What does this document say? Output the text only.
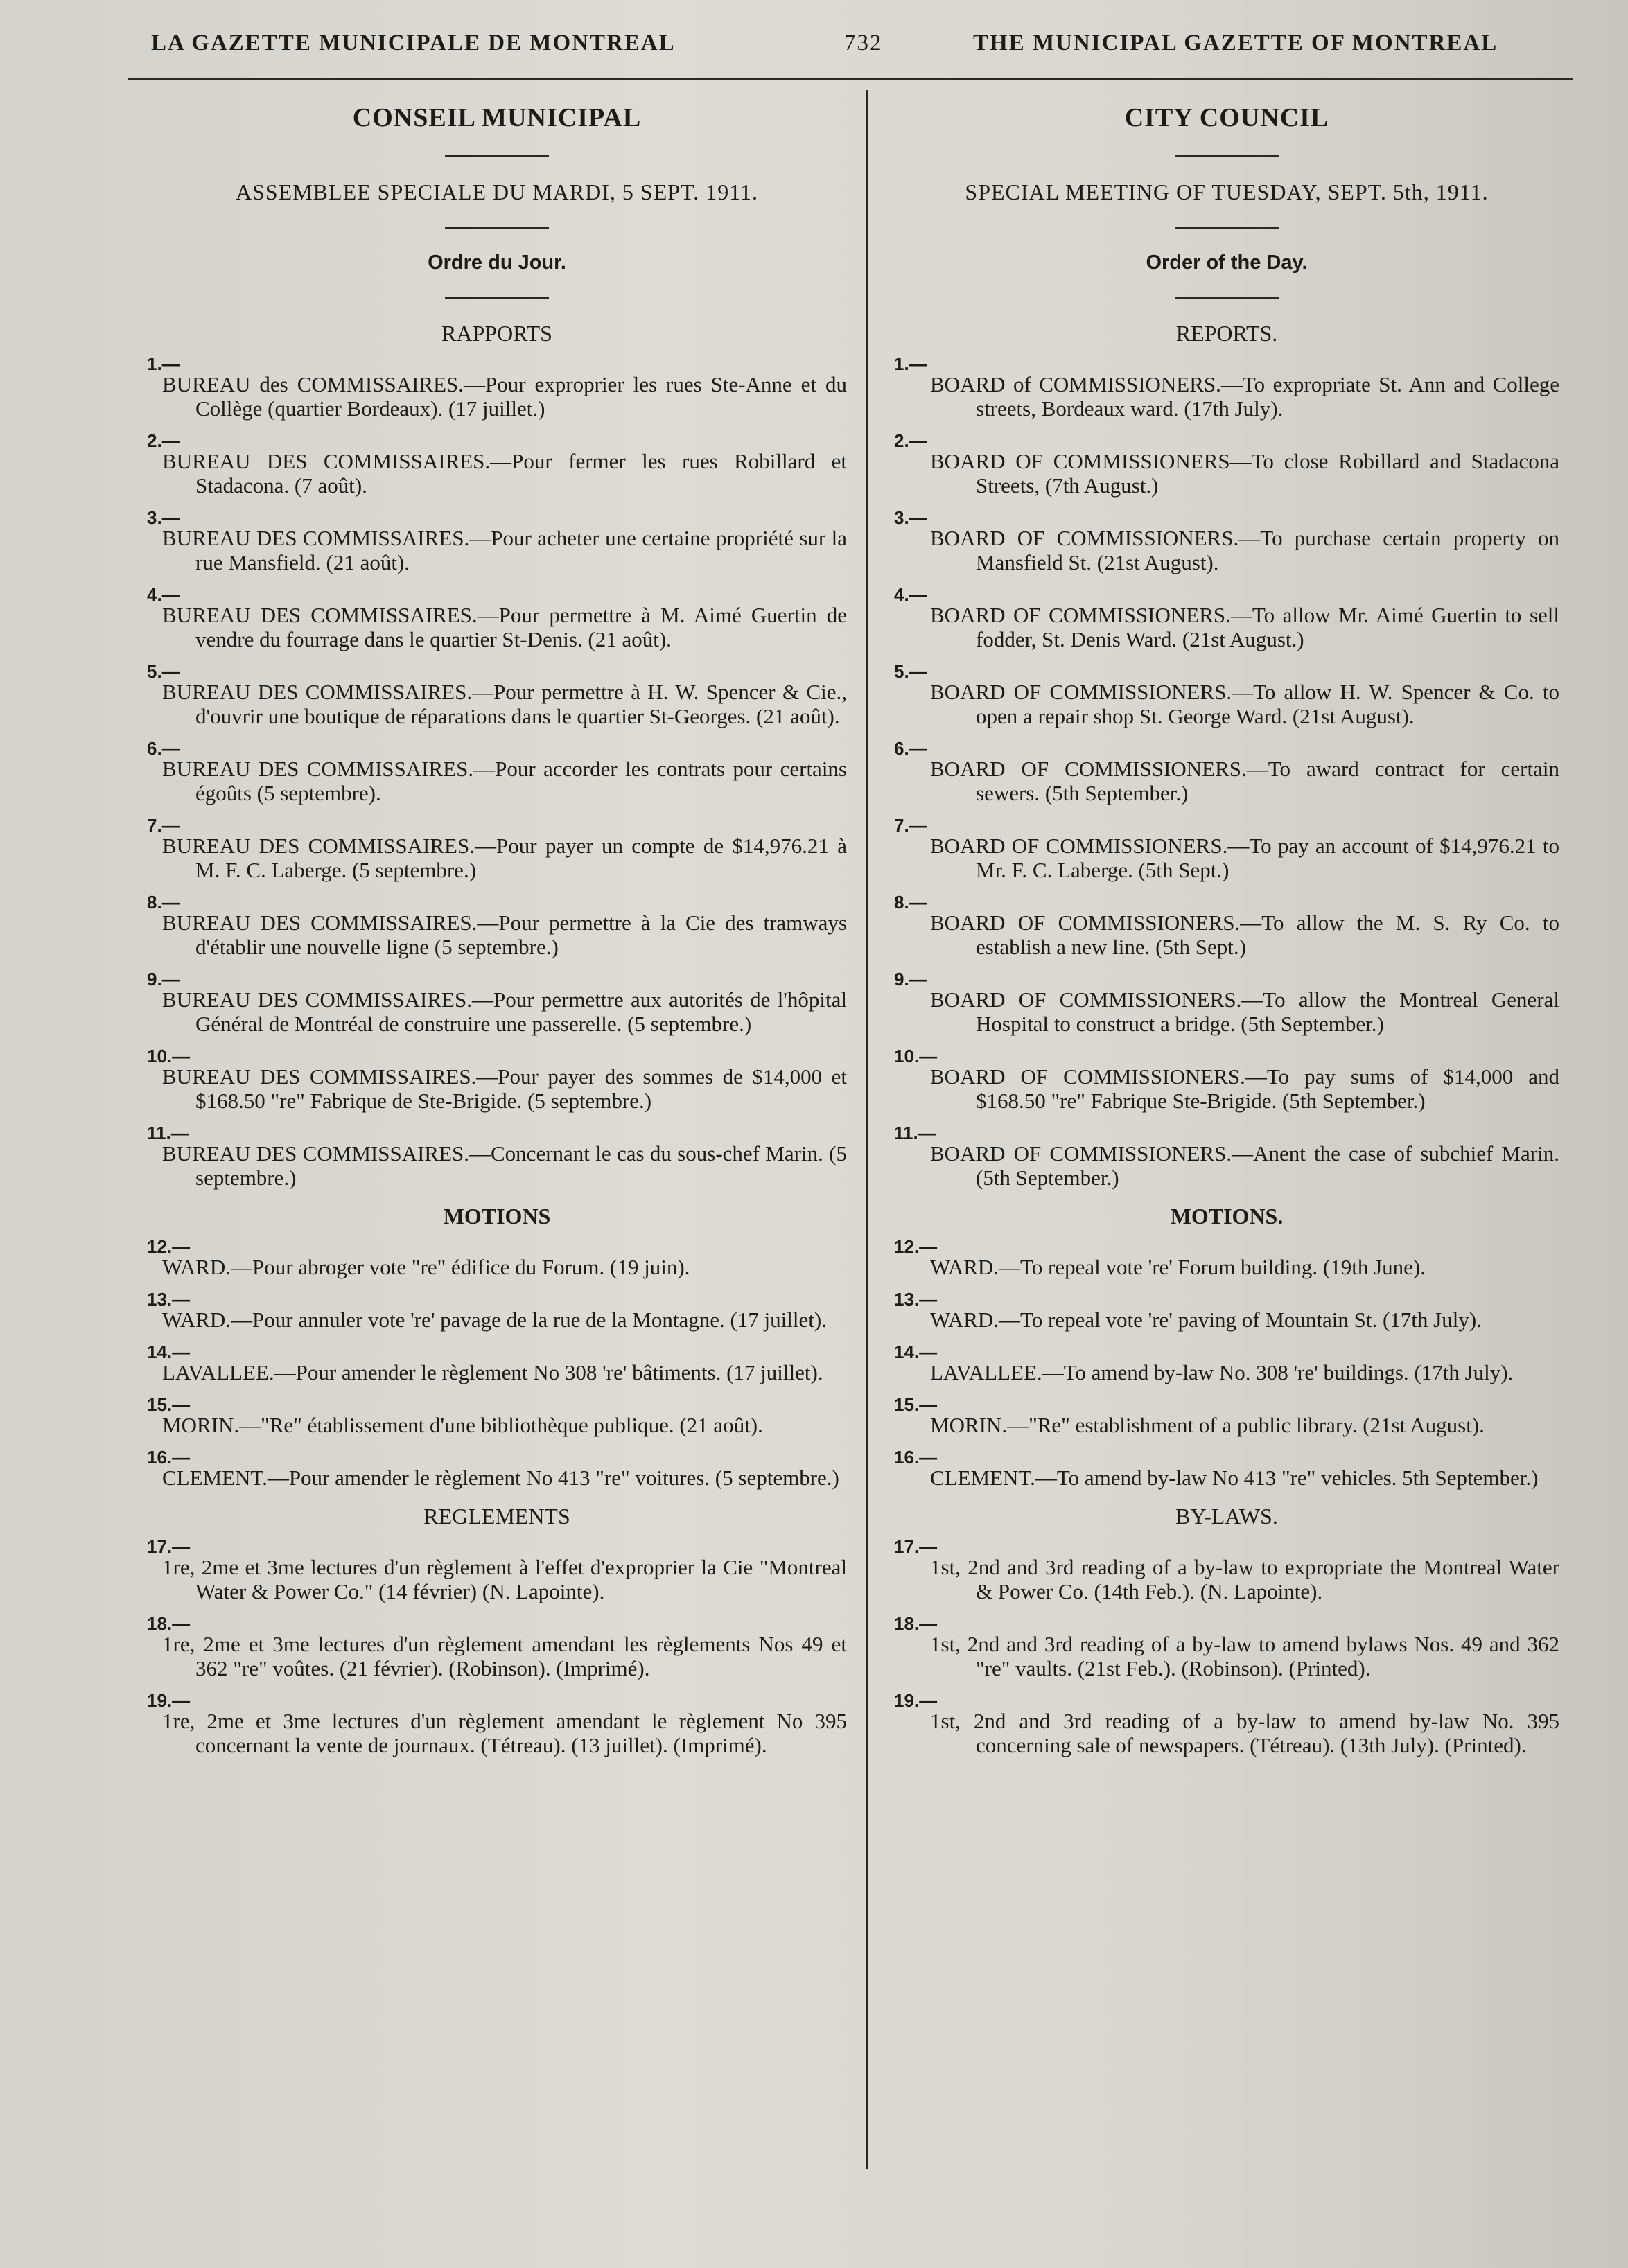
LA GAZETTE MUNICIPALE DE MONTREAL	732	THE MUNICIPAL GAZETTE OF MONTREAL
CONSEIL MUNICIPAL
ASSEMBLEE SPECIALE DU MARDI, 5 SEPT. 1911.
Ordre du Jour.
RAPPORTS
1.—
BUREAU des COMMISSAIRES.—Pour exproprier les rues Ste-Anne et du Collège (quartier Bordeaux). (17 juillet.)
2.—
BUREAU DES COMMISSAIRES.—Pour fermer les rues Robillard et Stadacona. (7 août).
3.—
BUREAU DES COMMISSAIRES.—Pour acheter une certaine propriété sur la rue Mansfield. (21 août).
4.—
BUREAU DES COMMISSAIRES.—Pour permettre à M. Aimé Guertin de vendre du fourrage dans le quartier St-Denis. (21 août).
5.—
BUREAU DES COMMISSAIRES.—Pour permettre à H. W. Spencer & Cie., d'ouvrir une boutique de réparations dans le quartier St-Georges. (21 août).
6.—
BUREAU DES COMMISSAIRES.—Pour accorder les contrats pour certains égoûts (5 septembre).
7.—
BUREAU DES COMMISSAIRES.—Pour payer un compte de $14,976.21 à M. F. C. Laberge. (5 septembre.)
8.—
BUREAU DES COMMISSAIRES.—Pour permettre à la Cie des tramways d'établir une nouvelle ligne (5 septembre.)
9.—
BUREAU DES COMMISSAIRES.—Pour permettre aux autorités de l'hôpital Général de Montréal de construire une passerelle. (5 septembre.)
10.—
BUREAU DES COMMISSAIRES.—Pour payer des sommes de $14,000 et $168.50 "re" Fabrique de Ste-Brigide. (5 septembre.)
11.—
BUREAU DES COMMISSAIRES.—Concernant le cas du sous-chef Marin. (5 septembre.)
MOTIONS
12.—
WARD.—Pour abroger vote "re" édifice du Forum. (19 juin).
13.—
WARD.—Pour annuler vote 're' pavage de la rue de la Montagne. (17 juillet).
14.—
LAVALLEE.—Pour amender le règlement No 308 're' bâtiments. (17 juillet).
15.—
MORIN.—"Re" établissement d'une bibliothèque publique. (21 août).
16.—
CLEMENT.—Pour amender le règlement No 413 "re" voitures. (5 septembre.)
REGLEMENTS
17.—
1re, 2me et 3me lectures d'un règlement à l'effet d'exproprier la Cie "Montreal Water & Power Co." (14 février) (N. Lapointe).
18.—
1re, 2me et 3me lectures d'un règlement amendant les règlements Nos 49 et 362 "re" voûtes. (21 février). (Robinson). (Imprimé).
19.—
1re, 2me et 3me lectures d'un règlement amendant le règlement No 395 concernant la vente de journaux. (Tétreau). (13 juillet). (Imprimé).
CITY COUNCIL
SPECIAL MEETING OF TUESDAY, SEPT. 5th, 1911.
Order of the Day.
REPORTS.
1.—
BOARD of COMMISSIONERS.—To expropriate St. Ann and College streets, Bordeaux ward. (17th July).
2.—
BOARD OF COMMISSIONERS—To close Robillard and Stadacona Streets, (7th August.)
3.—
BOARD OF COMMISSIONERS.—To purchase certain property on Mansfield St. (21st August).
4.—
BOARD OF COMMISSIONERS.—To allow Mr. Aimé Guertin to sell fodder, St. Denis Ward. (21st August.)
5.—
BOARD OF COMMISSIONERS.—To allow H. W. Spencer & Co. to open a repair shop St. George Ward. (21st August).
6.—
BOARD OF COMMISSIONERS.—To award contract for certain sewers. (5th September.)
7.—
BOARD OF COMMISSIONERS.—To pay an account of $14,976.21 to Mr. F. C. Laberge. (5th Sept.)
8.—
BOARD OF COMMISSIONERS.—To allow the M. S. Ry Co. to establish a new line. (5th Sept.)
9.—
BOARD OF COMMISSIONERS.—To allow the Montreal General Hospital to construct a bridge. (5th September.)
10.—
BOARD OF COMMISSIONERS.—To pay sums of $14,000 and $168.50 "re" Fabrique Ste-Brigide. (5th September.)
11.—
BOARD OF COMMISSIONERS.—Anent the case of subchief Marin. (5th September.)
MOTIONS.
12.—
WARD.—To repeal vote 're' Forum building. (19th June).
13.—
WARD.—To repeal vote 're' paving of Mountain St. (17th July).
14.—
LAVALLEE.—To amend by-law No. 308 're' buildings. (17th July).
15.—
MORIN.—"Re" establishment of a public library. (21st August).
16.—
CLEMENT.—To amend by-law No 413 "re" vehicles. 5th September.)
BY-LAWS.
17.—
1st, 2nd and 3rd reading of a by-law to expropriate the Montreal Water & Power Co. (14th Feb.). (N. Lapointe).
18.—
1st, 2nd and 3rd reading of a by-law to amend bylaws Nos. 49 and 362 "re" vaults. (21st Feb.). (Robinson). (Printed).
19.—
1st, 2nd and 3rd reading of a by-law to amend by-law No. 395 concerning sale of newspapers. (Tétreau). (13th July). (Printed).
